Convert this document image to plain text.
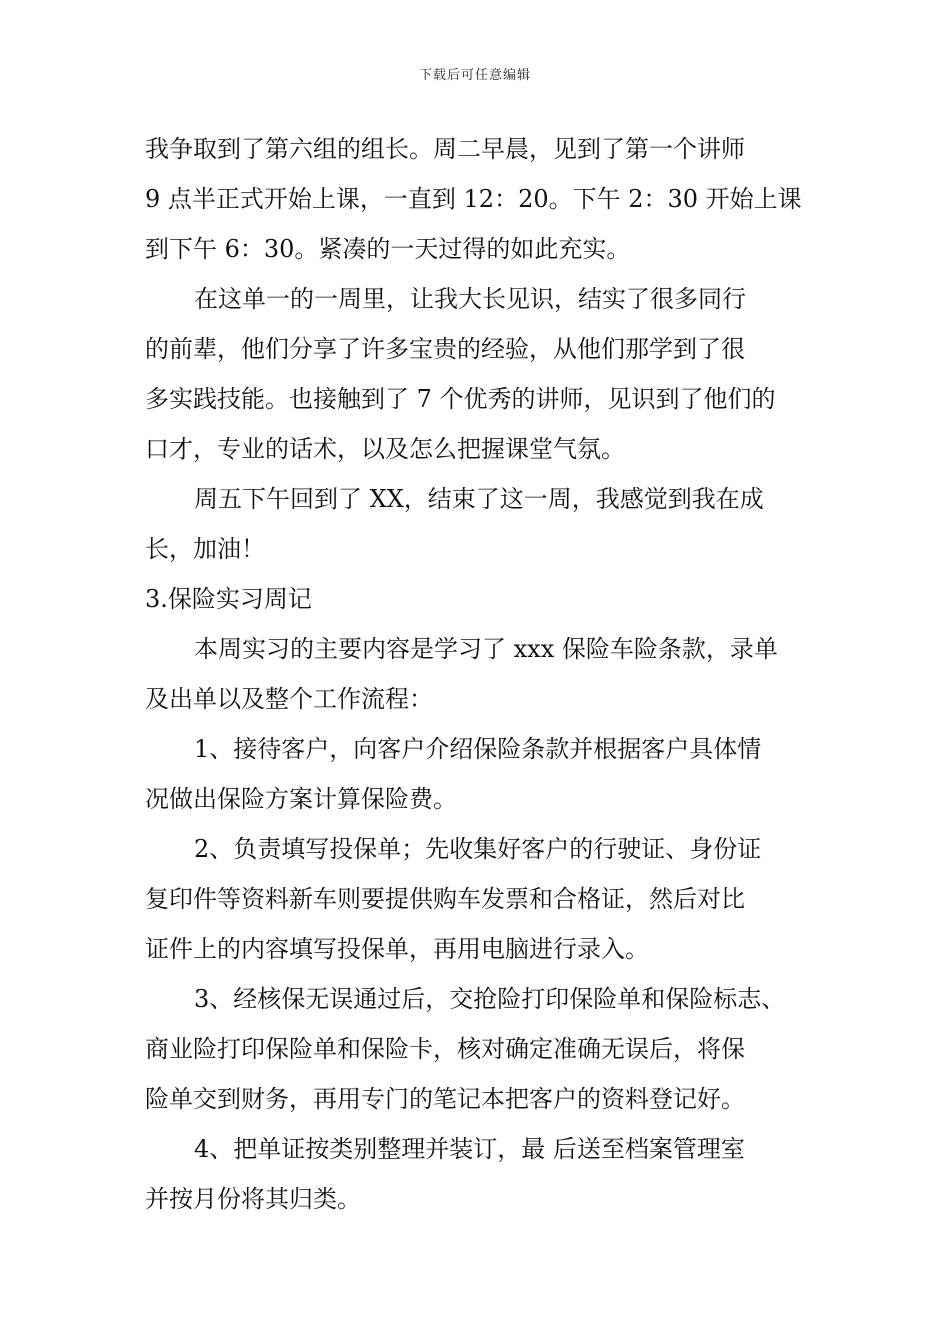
下载后可任意编辑
我争取到了第六组的组长。周二早晨，见到了第一个讲师
9 点半正式开始上课，一直到 12：20。下午 2：30 开始上课
到下午 6：30。紧凑的一天过得的如此充实。
在这单一的一周里，让我大长见识，结实了很多同行
的前辈，他们分享了许多宝贵的经验，从他们那学到了很
多实践技能。也接触到了 7 个优秀的讲师，见识到了他们的
口才，专业的话术，以及怎么把握课堂气氛。
周五下午回到了 XX，结束了这一周，我感觉到我在成
长，加油！
3.保险实习周记
本周实习的主要内容是学习了 xxx 保险车险条款，录单
及出单以及整个工作流程：
1、接待客户，向客户介绍保险条款并根据客户具体情
况做出保险方案计算保险费。
2、负责填写投保单；先收集好客户的行驶证、身份证
复印件等资料新车则要提供购车发票和合格证，然后对比
证件上的内容填写投保单，再用电脑进行录入。
3、经核保无误通过后，交抢险打印保险单和保险标志、
商业险打印保险单和保险卡，核对确定准确无误后，将保
险单交到财务，再用专门的笔记本把客户的资料登记好。
4、把单证按类别整理并装订，最 后送至档案管理室
并按月份将其归类。
